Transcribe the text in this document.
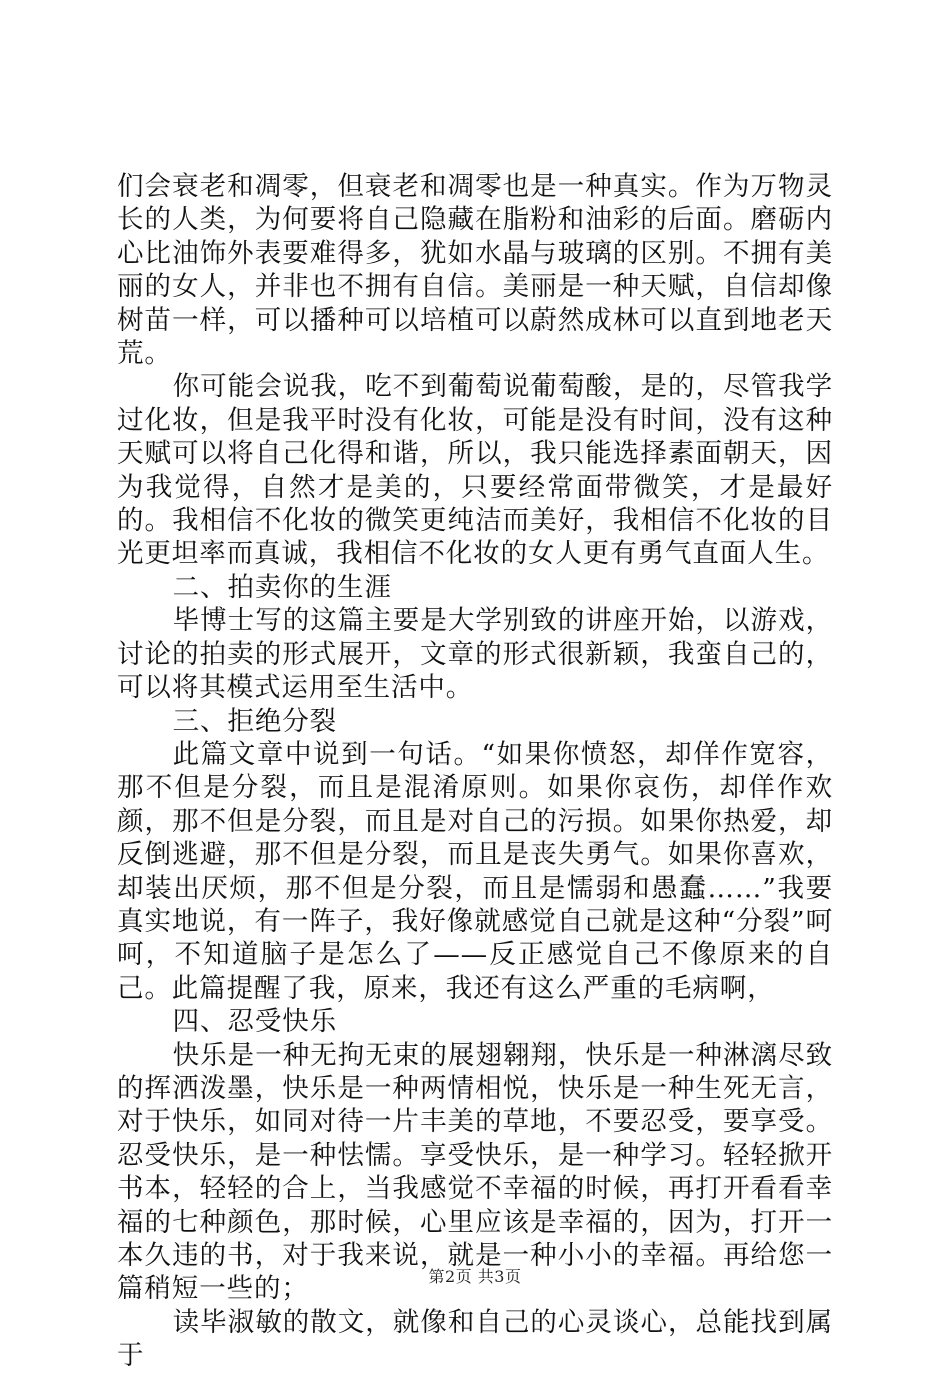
们会衰老和凋零，但衰老和凋零也是一种真实。作为万物灵长的人类，为何要将自己隐藏在脂粉和油彩的后面。磨砺内心比油饰外表要难得多，犹如水晶与玻璃的区别。不拥有美丽的女人，并非也不拥有自信。美丽是一种天赋，自信却像树苗一样，可以播种可以培植可以蔚然成林可以直到地老天荒。

你可能会说我，吃不到葡萄说葡萄酸，是的，尽管我学过化妆，但是我平时没有化妆，可能是没有时间，没有这种天赋可以将自己化得和谐，所以，我只能选择素面朝天，因为我觉得，自然才是美的，只要经常面带微笑，才是最好的。我相信不化妆的微笑更纯洁而美好，我相信不化妆的目光更坦率而真诚，我相信不化妆的女人更有勇气直面人生。

二、拍卖你的生涯

毕博士写的这篇主要是大学别致的讲座开始，以游戏，讨论的拍卖的形式展开，文章的形式很新颖，我蛮自己的，可以将其模式运用至生活中。

三、拒绝分裂

此篇文章中说到一句话。“如果你愤怒，却佯作宽容，那不但是分裂，而且是混淆原则。如果你哀伤，却佯作欢颜，那不但是分裂，而且是对自己的污损。如果你热爱，却反倒逃避，那不但是分裂，而且是丧失勇气。如果你喜欢，却装出厌烦，那不但是分裂，而且是懦弱和愚蠢……”我要真实地说，有一阵子，我好像就感觉自己就是这种“分裂”呵呵，不知道脑子是怎么了——反正感觉自己不像原来的自己。此篇提醒了我，原来，我还有这么严重的毛病啊，

四、忍受快乐

快乐是一种无拘无束的展翅翱翔，快乐是一种淋漓尽致的挥洒泼墨，快乐是一种两情相悦，快乐是一种生死无言，对于快乐，如同对待一片丰美的草地，不要忍受，要享受。忍受快乐，是一种怯懦。享受快乐，是一种学习。轻轻掀开书本，轻轻的合上，当我感觉不幸福的时候，再打开看看幸福的七种颜色，那时候，心里应该是幸福的，因为，打开一本久违的书，对于我来说，就是一种小小的幸福。再给您一篇稍短一些的；

读毕淑敏的散文，就像和自己的心灵谈心，总能找到属于

第2页 共3页
